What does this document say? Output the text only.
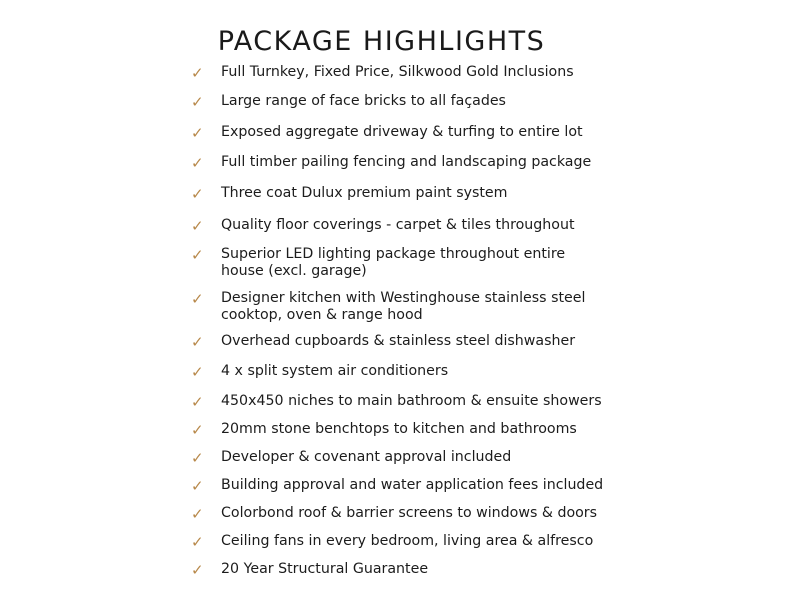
PACKAGE HIGHLIGHTS
✓ Full Turnkey, Fixed Price, Silkwood Gold Inclusions
✓ Large range of face bricks to all façades
✓ Exposed aggregate driveway & turfing to entire lot
✓ Full timber pailing fencing and landscaping package
✓ Three coat Dulux premium paint system
✓ Quality floor coverings - carpet & tiles throughout
✓ Superior LED lighting package throughout entire house (excl. garage)
✓ Designer kitchen with Westinghouse stainless steel cooktop, oven & range hood
✓ Overhead cupboards & stainless steel dishwasher
✓ 4 x split system air conditioners
✓ 450x450 niches to main bathroom & ensuite showers
✓ 20mm stone benchtops to kitchen and bathrooms
✓ Developer & covenant approval included
✓ Building approval and water application fees included
✓ Colorbond roof & barrier screens to windows & doors
✓ Ceiling fans in every bedroom, living area & alfresco
✓ 20 Year Structural Guarantee
